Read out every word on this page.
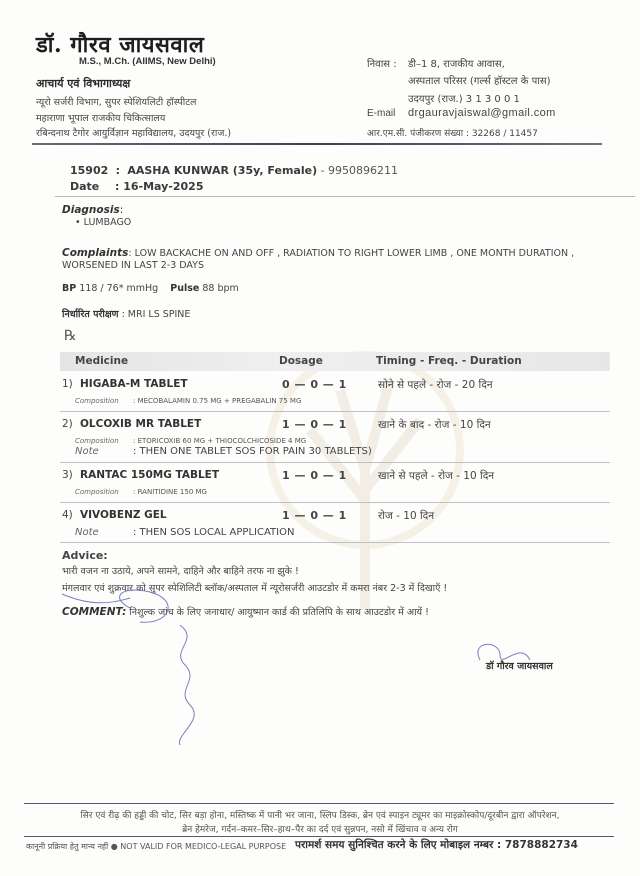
डॉ. गौरव जायसवाल
M.S., M.Ch. (AIIMS, New Delhi)
आचार्य एवं विभागाध्यक्ष
न्यूरो सर्जरी विभाग, सुपर स्पेशियलिटी हॉस्पीटल
महाराणा भूपाल राजकीय चिकित्सालय
रबिन्दनाथ टैगोर आयुर्विज्ञान महाविद्यालय, उदयपुर (राज.)
निवास : डी–1 8, राजकीय आवास,
अस्पताल परिसर (गर्ल्स हॉस्टल के पास)
उदयपुर (राज.) 3 1 3 0 0 1
E-mail drgauravjaiswal@gmail.com
आर.एम.सी. पंजीकरण संख्या : 32268 / 11457
15902  :  AASHA KUNWAR (35y, Female) - 9950896211
Date : 16-May-2025
Diagnosis:
• LUMBAGO
Complaints: LOW BACKACHE ON AND OFF , RADIATION TO RIGHT LOWER LIMB , ONE MONTH DURATION , WORSENED IN LAST 2-3 DAYS
BP 118 / 76* mmHg Pulse 88 bpm
निर्धारित परीक्षण : MRI LS SPINE
℞
Medicine	Dosage	Timing - Freq. - Duration
1) HIGABA-M TABLET	0 — 0 — 1	सोने से पहले - रोज - 20 दिन
Composition : MECOBALAMIN 0.75 MG + PREGABALIN 75 MG
2) OLCOXIB MR TABLET	1 — 0 — 1	खाने के बाद - रोज - 10 दिन
Composition : ETORICOXIB 60 MG + THIOCOLCHICOSIDE 4 MG
Note	: THEN ONE TABLET SOS FOR PAIN 30 TABLETS)
3) RANTAC 150MG TABLET	1 — 0 — 1	खाने से पहले - रोज - 10 दिन
Composition : RANITIDINE 150 MG
4) VIVOBENZ GEL	1 — 0 — 1	रोज - 10 दिन
Note	: THEN SOS LOCAL APPLICATION
Advice:
भारी वजन ना उठाये, अपने सामने, दाहिने और बाहिने तरफ ना झुके !
मंगलवार एवं शुक्रवार को सुपर स्पेशिलिटी ब्लॉक/अस्पताल में न्यूरोसर्जरी आउटडोर में कमरा नंबर 2-3 में दिखाएँ !
COMMENT: निशुल्क जांच के लिए जनाधार/ आयुष्मान कार्ड की प्रतिलिपि के साथ आउटडोर में आयें !
डॉ गौरव जायसवाल
सिर एवं रीढ़ की हड्डी की चोट, सिर बड़ा होना, मस्तिष्क में पानी भर जाना, स्लिप डिस्क, ब्रेन एवं स्पाइन ट्यूमर का माइक्रोस्कोप/दूरबीन द्वारा ऑपरेशन,
ब्रेन हेमरेज, गर्दन–कमर–सिर–हाथ–पैर का दर्द एवं सुन्नपन, नसो में खिंचाव व अन्य रोग
कानूनी प्रक्रिया हेतु मान्य नहीं ● NOT VALID FOR MEDICO-LEGAL PURPOSE परामर्श समय सुनिश्चित करने के लिए मोबाइल नम्बर : 7878882734
